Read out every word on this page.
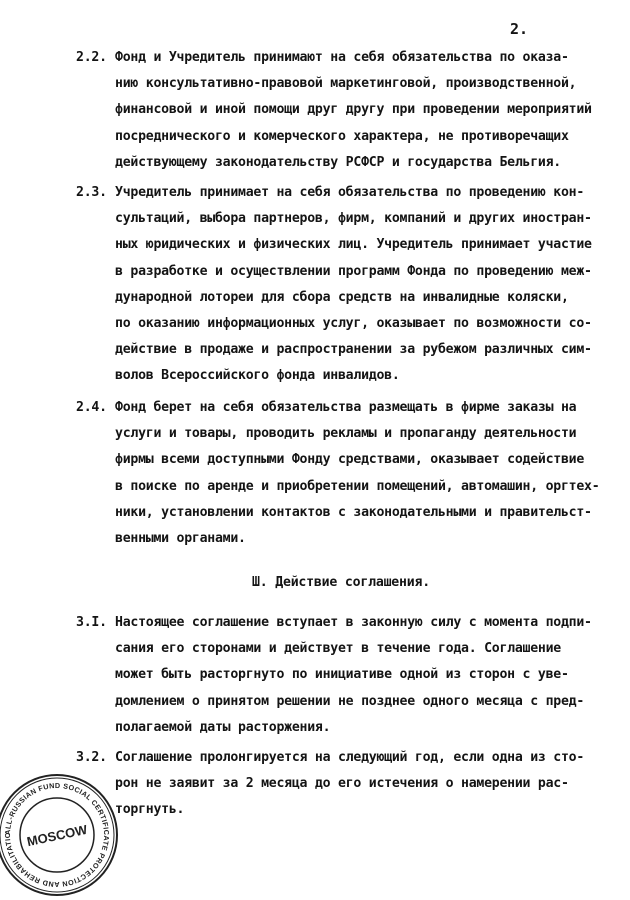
2.
2.2. Фонд и Учредитель принимают на себя обязательства по оказа-
нию консультативно-правовой маркетинговой, производственной,
финансовой и иной помощи друг другу при проведении мероприятий
посреднического и комерческого характера, не противоречащих
действующему законодательству РСФСР и государства Бельгия.
2.3. Учредитель принимает на себя обязательства по проведению кон-
сультаций, выбора партнеров, фирм, компаний и других иностран-
ных юридических и физических лиц. Учредитель принимает участие
в разработке и осуществлении программ Фонда по проведению меж-
дународной лотореи для сбора средств на инвалидные коляски,
по оказанию информационных услуг, оказывает по возможности со-
действие в продаже и распространении за рубежом различных сим-
волов Всероссийского фонда инвалидов.
2.4. Фонд берет на себя обязательства размещать в фирме заказы на
услуги и товары, проводить рекламы и пропаганду деятельности
фирмы всеми доступными Фонду средствами, оказывает содействие
в поиске по аренде и приобретении помещений, автомашин, оргтех-
ники, установлении контактов с законодательными и правительст-
венными органами.
Ш. Действие соглашения.
3.I. Настоящее соглашение вступает в законную силу с момента подпи-
сания его сторонами и действует в течение года. Соглашение
может быть расторгнуто по инициативе одной из сторон с уве-
домлением о принятом решении не позднее одного месяца с пред-
полагаемой даты расторжения.
3.2. Соглашение пролонгируется на следующий год, если одна из сто-
рон не заявит за 2 месяца до его истечения о намерении рас-
торгнуть.
ALL-RUSSIAN FUND SOCIAL CERTIFICATE PROTECTION AND REHABILITATIO	MOSCOW
